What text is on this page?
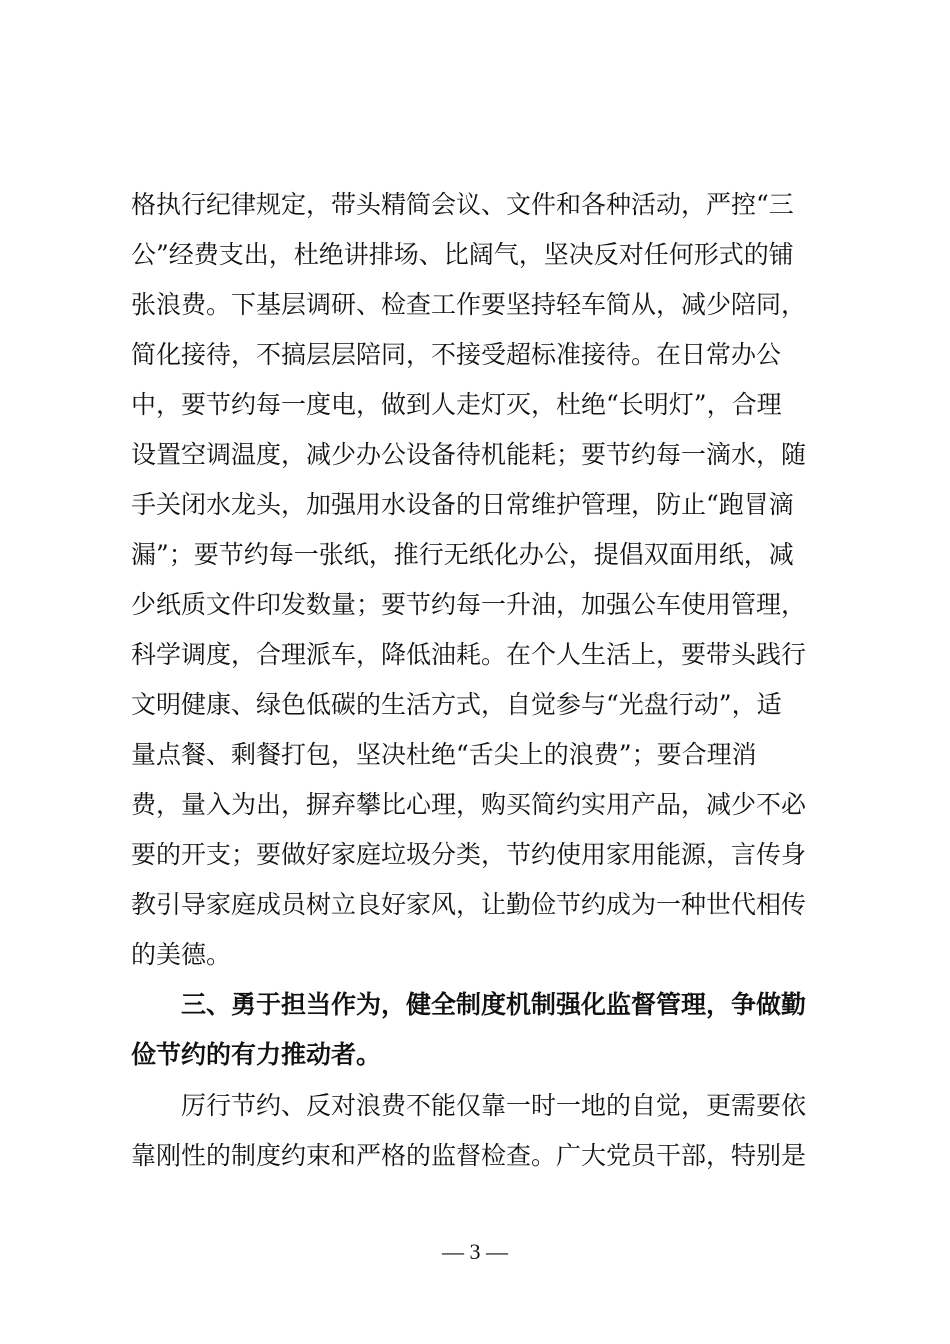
格执行纪律规定，带头精简会议、文件和各种活动，严控“三
公”经费支出，杜绝讲排场、比阔气，坚决反对任何形式的铺
张浪费。下基层调研、检查工作要坚持轻车简从，减少陪同，
简化接待，不搞层层陪同，不接受超标准接待。在日常办公
中，要节约每一度电，做到人走灯灭，杜绝“长明灯”，合理
设置空调温度，减少办公设备待机能耗；要节约每一滴水，随
手关闭水龙头，加强用水设备的日常维护管理，防止“跑冒滴
漏”；要节约每一张纸，推行无纸化办公，提倡双面用纸，减
少纸质文件印发数量；要节约每一升油，加强公车使用管理，
科学调度，合理派车，降低油耗。在个人生活上，要带头践行
文明健康、绿色低碳的生活方式，自觉参与“光盘行动”，适
量点餐、剩餐打包，坚决杜绝“舌尖上的浪费”；要合理消
费，量入为出，摒弃攀比心理，购买简约实用产品，减少不必
要的开支；要做好家庭垃圾分类，节约使用家用能源，言传身
教引导家庭成员树立良好家风，让勤俭节约成为一种世代相传
的美德。
三、勇于担当作为，健全制度机制强化监督管理，争做勤
俭节约的有力推动者。
厉行节约、反对浪费不能仅靠一时一地的自觉，更需要依
靠刚性的制度约束和严格的监督检查。广大党员干部，特别是
— 3 —
